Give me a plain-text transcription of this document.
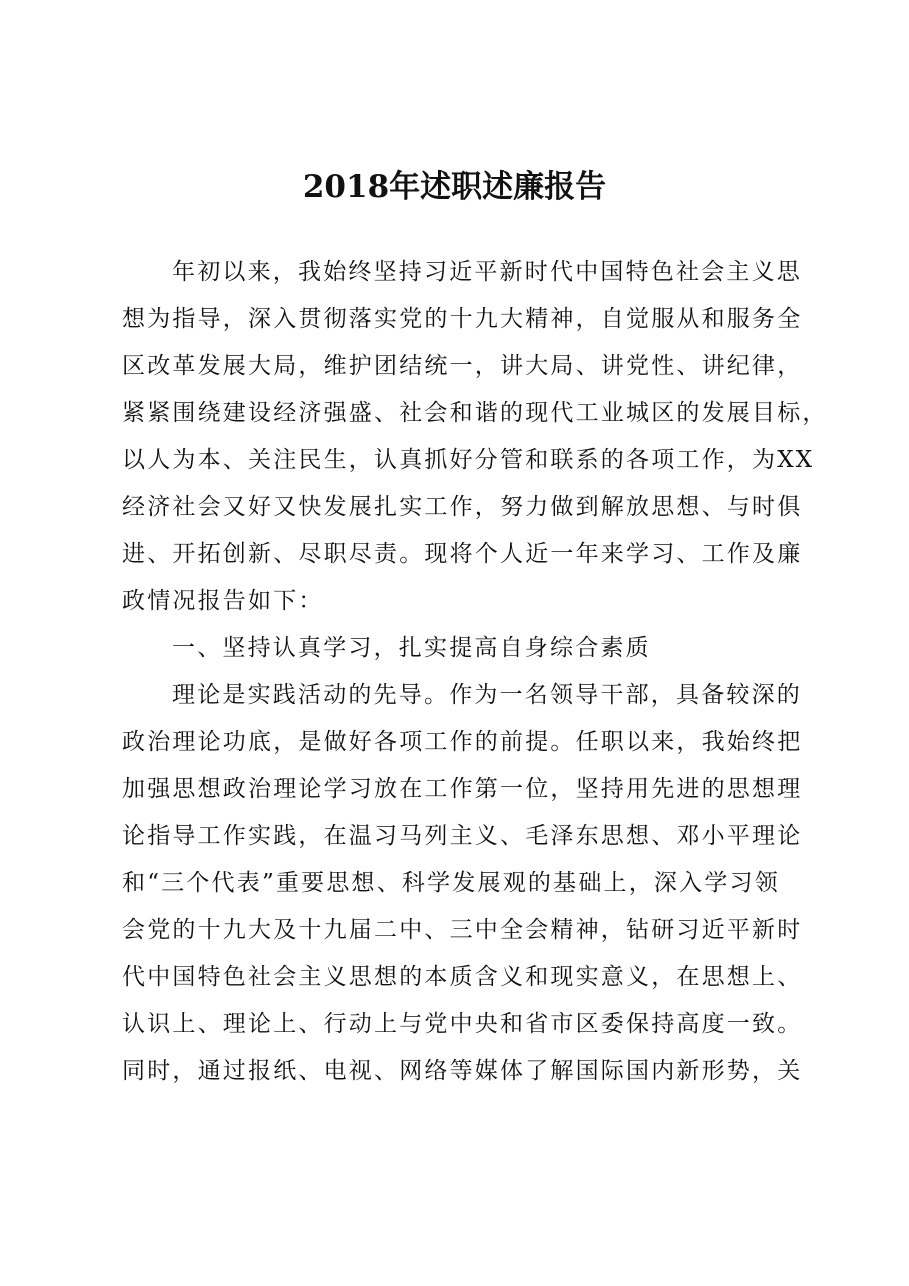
2018年述职述廉报告

年初以来，我始终坚持习近平新时代中国特色社会主义思

想为指导，深入贯彻落实党的十九大精神，自觉服从和服务全

区改革发展大局，维护团结统一，讲大局、讲党性、讲纪律，

紧紧围绕建设经济强盛、社会和谐的现代工业城区的发展目标，

以人为本、关注民生，认真抓好分管和联系的各项工作，为XX

经济社会又好又快发展扎实工作，努力做到解放思想、与时俱

进、开拓创新、尽职尽责。现将个人近一年来学习、工作及廉

政情况报告如下：

一、坚持认真学习，扎实提高自身综合素质

理论是实践活动的先导。作为一名领导干部，具备较深的

政治理论功底，是做好各项工作的前提。任职以来，我始终把

加强思想政治理论学习放在工作第一位，坚持用先进的思想理

论指导工作实践，在温习马列主义、毛泽东思想、邓小平理论

和“三个代表”重要思想、科学发展观的基础上，深入学习领

会党的十九大及十九届二中、三中全会精神，钻研习近平新时

代中国特色社会主义思想的本质含义和现实意义，在思想上、

认识上、理论上、行动上与党中央和省市区委保持高度一致。

同时，通过报纸、电视、网络等媒体了解国际国内新形势，关
